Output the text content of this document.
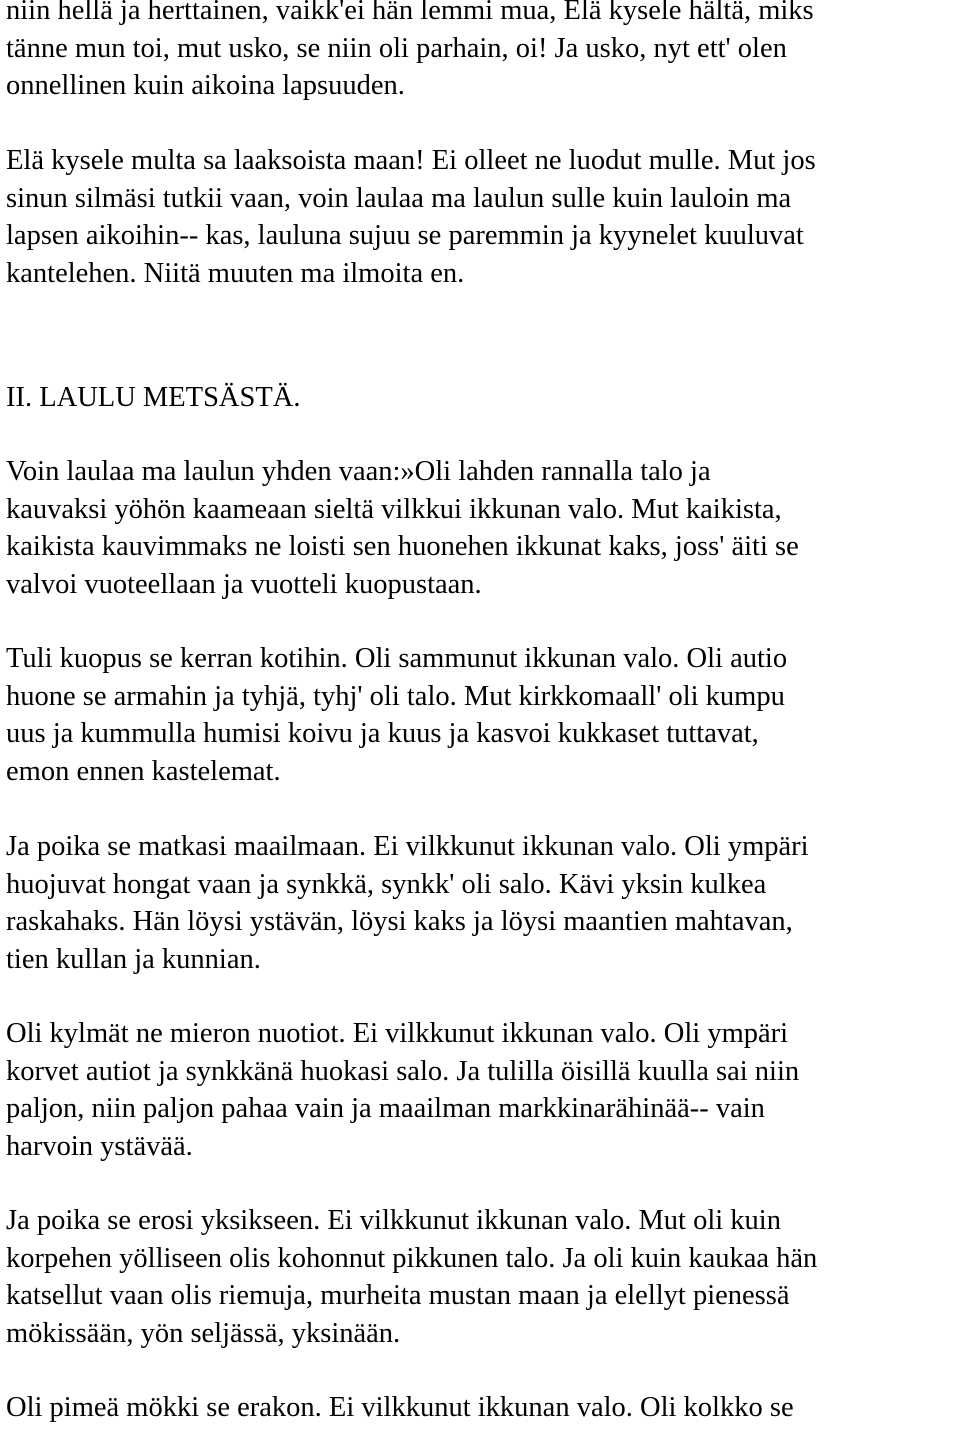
niin hellä ja herttainen, vaikk'ei hän lemmi mua, Elä kysele hältä, miks
tänne mun toi, mut usko, se niin oli parhain, oi! Ja usko, nyt ett' olen
onnellinen kuin aikoina lapsuuden.

Elä kysele multa sa laaksoista maan! Ei olleet ne luodut mulle. Mut jos
sinun silmäsi tutkii vaan, voin laulaa ma laulun sulle kuin lauloin ma
lapsen aikoihin-- kas, lauluna sujuu se paremmin ja kyynelet kuuluvat
kantelehen. Niitä muuten ma ilmoita en.

II. LAULU METSÄSTÄ.

Voin laulaa ma laulun yhden vaan:»Oli lahden rannalla talo ja
kauvaksi yöhön kaameaan sieltä vilkkui ikkunan valo. Mut kaikista,
kaikista kauvimmaks ne loisti sen huonehen ikkunat kaks, joss' äiti se
valvoi vuoteellaan ja vuotteli kuopustaan.

Tuli kuopus se kerran kotihin. Oli sammunut ikkunan valo. Oli autio
huone se armahin ja tyhjä, tyhj' oli talo. Mut kirkkomaall' oli kumpu
uus ja kummulla humisi koivu ja kuus ja kasvoi kukkaset tuttavat,
emon ennen kastelemat.

Ja poika se matkasi maailmaan. Ei vilkkunut ikkunan valo. Oli ympäri
huojuvat hongat vaan ja synkkä, synkk' oli salo. Kävi yksin kulkea
raskahaks. Hän löysi ystävän, löysi kaks ja löysi maantien mahtavan,
tien kullan ja kunnian.

Oli kylmät ne mieron nuotiot. Ei vilkkunut ikkunan valo. Oli ympäri
korvet autiot ja synkkänä huokasi salo. Ja tulilla öisillä kuulla sai niin
paljon, niin paljon pahaa vain ja maailman markkinarähinää-- vain
harvoin ystävää.

Ja poika se erosi yksikseen. Ei vilkkunut ikkunan valo. Mut oli kuin
korpehen yölliseen olis kohonnut pikkunen talo. Ja oli kuin kaukaa hän
katsellut vaan olis riemuja, murheita mustan maan ja elellyt pienessä
mökissään, yön seljässä, yksinään.

Oli pimeä mökki se erakon. Ei vilkkunut ikkunan valo. Oli kolkko se
